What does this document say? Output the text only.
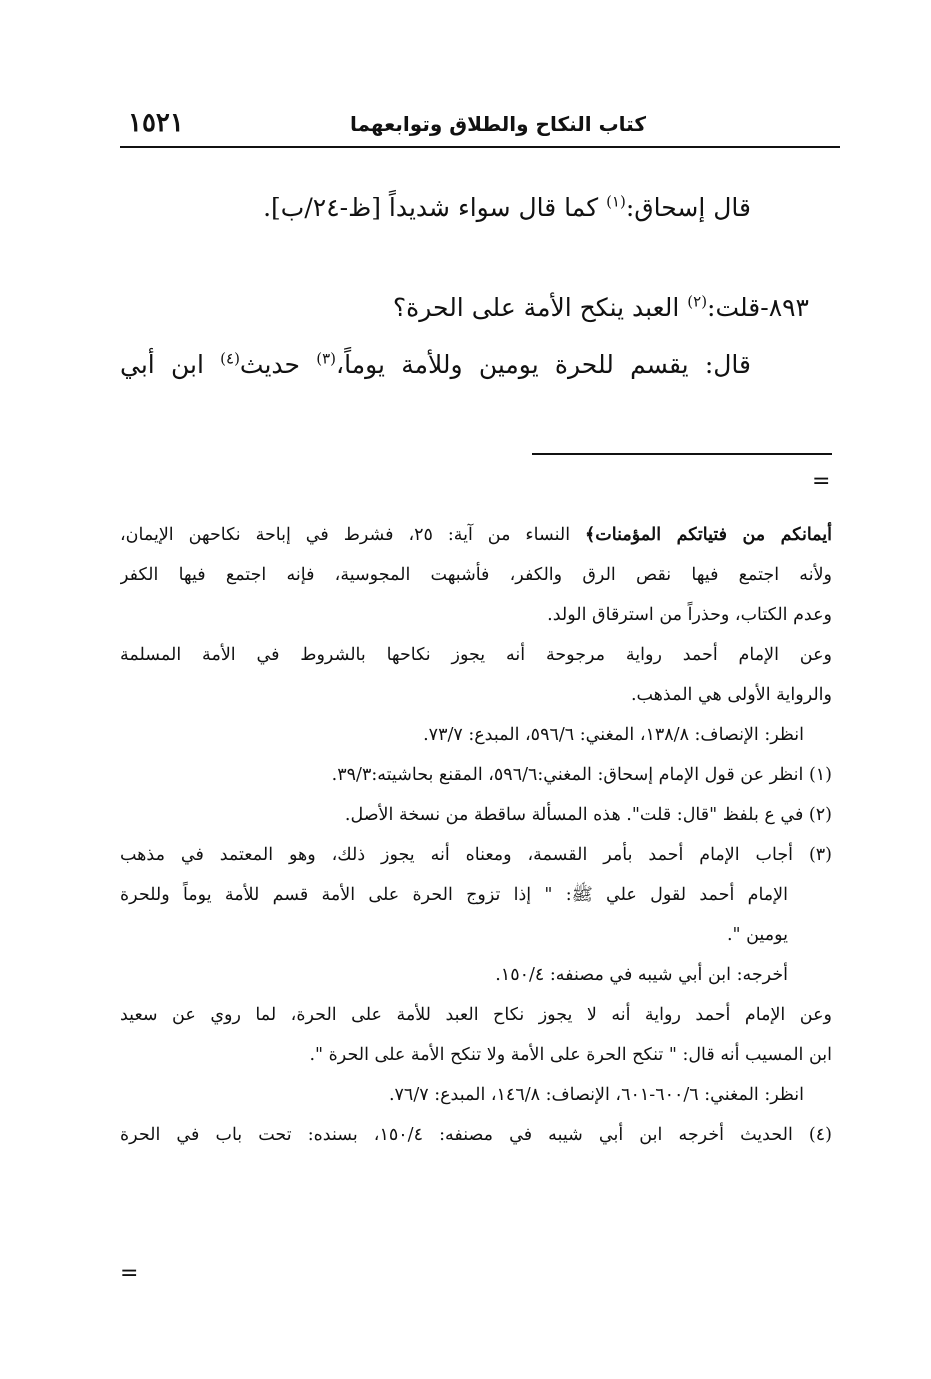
كتاب النكاح والطلاق وتوابعهما
١٥٢١
قال إسحاق:$^{(١)}$ كما قال سواء شديداً [ظ-٢٤/ب].
٨٩٣-قلت:$^{(٢)}$ العبد ينكح الأمة على الحرة؟
قال: يقسم للحرة يومين وللأمة يوماً،$^{(٣)}$ حديث$^{(٤)}$ ابن أبي
=
أيمانكم من فتياتكم المؤمنات﴾ النساء من آية: ٢٥، فشرط في إباحة نكاحهن الإيمان،
ولأنه اجتمع فيها نقص الرق والكفر، فأشبهت المجوسية، فإنه اجتمع فيها الكفر
وعدم الكتاب، وحذراً من استرقاق الولد.
وعن الإمام أحمد رواية مرجوحة أنه يجوز نكاحها بالشروط في الأمة المسلمة
والرواية الأولى هي المذهب.
انظر: الإنصاف: ١٣٨/٨، المغني: ٥٩٦/٦، المبدع: ٧٣/٧.
(١) انظر عن قول الإمام إسحاق: المغني:٥٩٦/٦، المقنع بحاشيته:٣٩/٣.
(٢) في ع بلفظ "قال: قلت". هذه المسألة ساقطة من نسخة الأصل.
(٣) أجاب الإمام أحمد بأمر القسمة، ومعناه أنه يجوز ذلك، وهو المعتمد في مذهب
الإمام أحمد لقول علي ﷺ: " إذا تزوج الحرة على الأمة قسم للأمة يوماً وللحرة
يومين ".
أخرجه: ابن أبي شيبه في مصنفه: ١٥٠/٤.
وعن الإمام أحمد رواية أنه لا يجوز نكاح العبد للأمة على الحرة، لما روي عن سعيد
ابن المسيب أنه قال: " تنكح الحرة على الأمة ولا تنكح الأمة على الحرة ".
انظر: المغني: ٦٠٠/٦-٦٠١، الإنصاف: ١٤٦/٨، المبدع: ٧٦/٧.
(٤) الحديث أخرجه ابن أبي شيبه في مصنفه: ١٥٠/٤، بسنده: تحت باب في الحرة
=
